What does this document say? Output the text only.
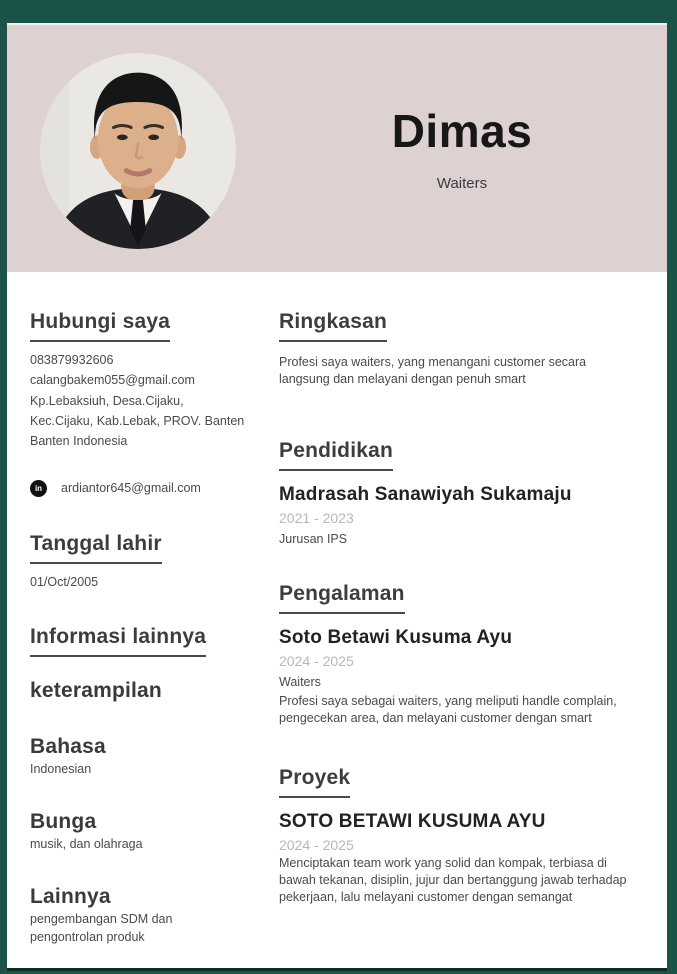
Dimas
Waiters
Hubungi saya
083879932606
calangbakem055@gmail.com
Kp.Lebaksiuh, Desa.Cijaku,
Kec.Cijaku, Kab.Lebak, PROV. Banten
Banten Indonesia
in	ardiantor645@gmail.com
Tanggal lahir
01/Oct/2005
Informasi lainnya
keterampilan
Bahasa
Indonesian
Bunga
musik, dan olahraga
Lainnya
pengembangan SDM dan pengontrolan produk
Ringkasan

Profesi saya waiters, yang menangani customer secara langsung dan melayani dengan penuh smart

Pendidikan
Madrasah Sanawiyah Sukamaju
2021 - 2023

Jurusan IPS

Pengalaman
Soto Betawi Kusuma Ayu
2024 - 2025

Waiters

Profesi saya sebagai waiters, yang meliputi handle complain, pengecekan area, dan melayani customer dengan smart

Proyek
SOTO BETAWI KUSUMA AYU
2024 - 2025

Menciptakan team work yang solid dan kompak, terbiasa di bawah tekanan, disiplin, jujur dan bertanggung jawab terhadap pekerjaan, lalu melayani customer dengan semangat
